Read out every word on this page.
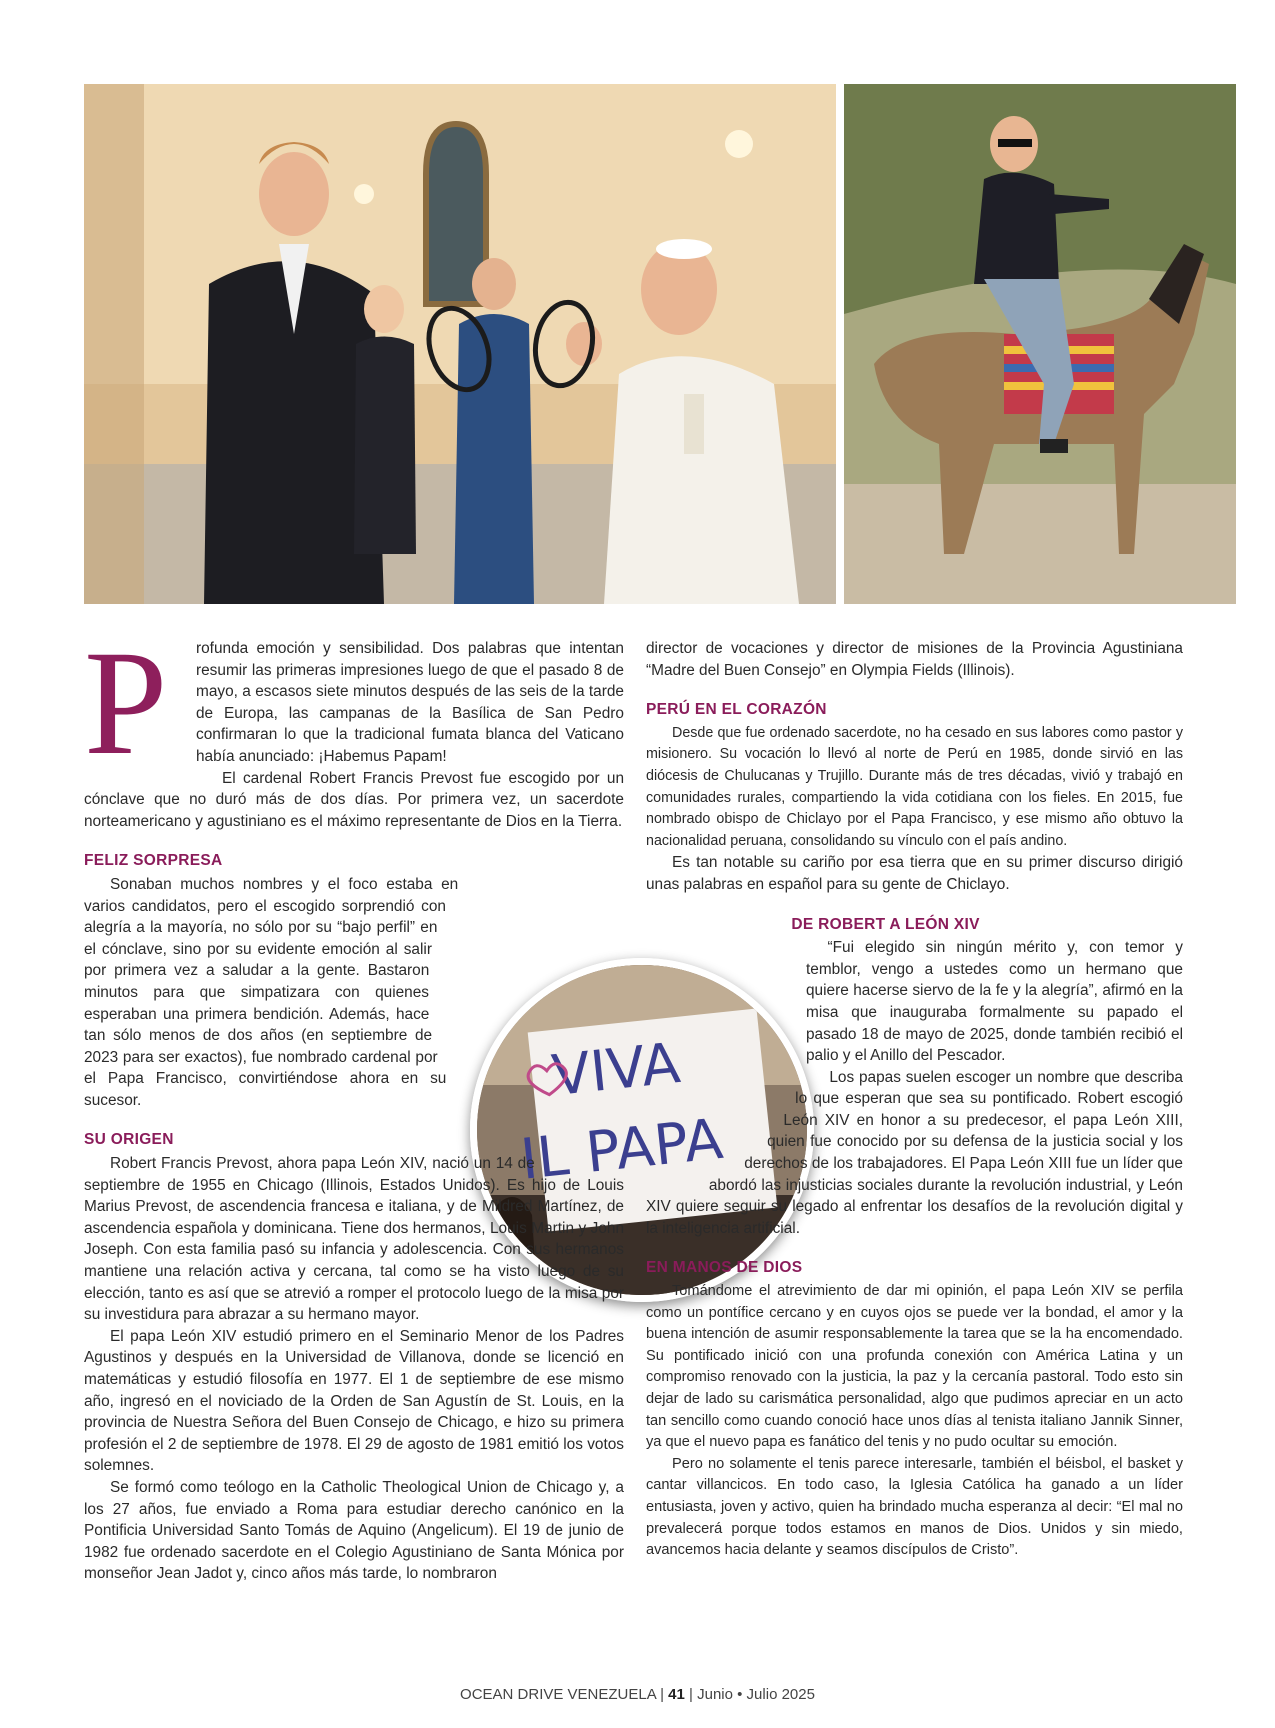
VIVA
IL PAPA
P	rofunda emoción y sensibilidad. Dos palabras que intentan resumir las primeras impresiones luego de que el pasado 8 de mayo, a escasos siete minutos después de las seis de la tarde de Europa, las campanas de la Basílica de San Pedro confirmaran lo que la tradicional fumata blanca del Vaticano había anunciado: ¡Habemus Papam!

El cardenal Robert Francis Prevost fue escogido por un cónclave que no duró más de dos días. Por primera vez, un sacerdote norteamericano y agustiniano es el máximo representante de Dios en la Tierra.

FELIZ SORPRESA

Sonaban muchos nombres y el foco estaba en varios candidatos, pero el escogido sorprendió con alegría a la mayoría, no sólo por su “bajo perfil” en el cónclave, sino por su evidente emoción al salir por primera vez a saludar a la gente. Bastaron minutos para que simpatizara con quienes esperaban una primera bendición. Además, hace tan sólo menos de dos años (en septiembre de 2023 para ser exactos), fue nombrado cardenal por el Papa Francisco, convirtiéndose ahora en su sucesor.

SU ORIGEN

Robert Francis Prevost, ahora papa León XIV, nació un 14 de septiembre de 1955 en Chicago (Illinois, Estados Unidos). Es hijo de Louis Marius Prevost, de ascendencia francesa e italiana, y de Mildred Martínez, de ascendencia española y dominicana. Tiene dos hermanos, Louis Martin y John Joseph. Con esta familia pasó su infancia y adolescencia. Con sus hermanos mantiene una relación activa y cercana, tal como se ha visto luego de su elección, tanto es así que se atrevió a romper el protocolo luego de la misa por su investidura para abrazar a su hermano mayor.

El papa León XIV estudió primero en el Seminario Menor de los Padres Agustinos y después en la Universidad de Villanova, donde se licenció en matemáticas y estudió filosofía en 1977. El 1 de septiembre de ese mismo año, ingresó en el noviciado de la Orden de San Agustín de St. Louis, en la provincia de Nuestra Señora del Buen Consejo de Chicago, e hizo su primera profesión el 2 de septiembre de 1978. El 29 de agosto de 1981 emitió los votos solemnes.

Se formó como teólogo en la Catholic Theological Union de Chicago y, a los 27 años, fue enviado a Roma para estudiar derecho canónico en la Pontificia Universidad Santo Tomás de Aquino (Angelicum). El 19 de junio de 1982 fue ordenado sacerdote en el Colegio Agustiniano de Santa Mónica por monseñor Jean Jadot y, cinco años más tarde, lo nombraron

director de vocaciones y director de misiones de la Provincia Agustiniana “Madre del Buen Consejo” en Olympia Fields (Illinois).

PERÚ EN EL CORAZÓN

Desde que fue ordenado sacerdote, no ha cesado en sus labores como pastor y misionero. Su vocación lo llevó al norte de Perú en 1985, donde sirvió en las diócesis de Chulucanas y Trujillo. Durante más de tres décadas, vivió y trabajó en comunidades rurales, compartiendo la vida cotidiana con los fieles. En 2015, fue nombrado obispo de Chiclayo por el Papa Francisco, y ese mismo año obtuvo la nacionalidad peruana, consolidando su vínculo con el país andino.

Es tan notable su cariño por esa tierra que en su primer discurso dirigió unas palabras en español para su gente de Chiclayo.

DE ROBERT A LEÓN XIV

“Fui elegido sin ningún mérito y, con temor y temblor, vengo a ustedes como un hermano que quiere hacerse siervo de la fe y la alegría”, afirmó en la misa que inauguraba formalmente su papado el pasado 18 de mayo de 2025, donde también recibió el palio y el Anillo del Pescador.

Los papas suelen escoger un nombre que describa lo que esperan que sea su pontificado. Robert escogió León XIV en honor a su predecesor, el papa León XIII, quien fue conocido por su defensa de la justicia social y los derechos de los trabajadores. El Papa León XIII fue un líder que abordó las injusticias sociales durante la revolución industrial, y León XIV quiere seguir su legado al enfrentar los desafíos de la revolución digital y la inteligencia artificial.

EN MANOS DE DIOS

Tomándome el atrevimiento de dar mi opinión, el papa León XIV se perfila como un pontífice cercano y en cuyos ojos se puede ver la bondad, el amor y la buena intención de asumir responsablemente la tarea que se la ha encomendado. Su pontificado inició con una profunda conexión con América Latina y un compromiso renovado con la justicia, la paz y la cercanía pastoral. Todo esto sin dejar de lado su carismática personalidad, algo que pudimos apreciar en un acto tan sencillo como cuando conoció hace unos días al tenista italiano Jannik Sinner, ya que el nuevo papa es fanático del tenis y no pudo ocultar su emoción.

Pero no solamente el tenis parece interesarle, también el béisbol, el basket y cantar villancicos. En todo caso, la Iglesia Católica ha ganado a un líder entusiasta, joven y activo, quien ha brindado mucha esperanza al decir: “El mal no prevalecerá porque todos estamos en manos de Dios. Unidos y sin miedo, avancemos hacia delante y seamos discípulos de Cristo”.

OCEAN DRIVE VENEZUELA | 41 | Junio • Julio 2025
